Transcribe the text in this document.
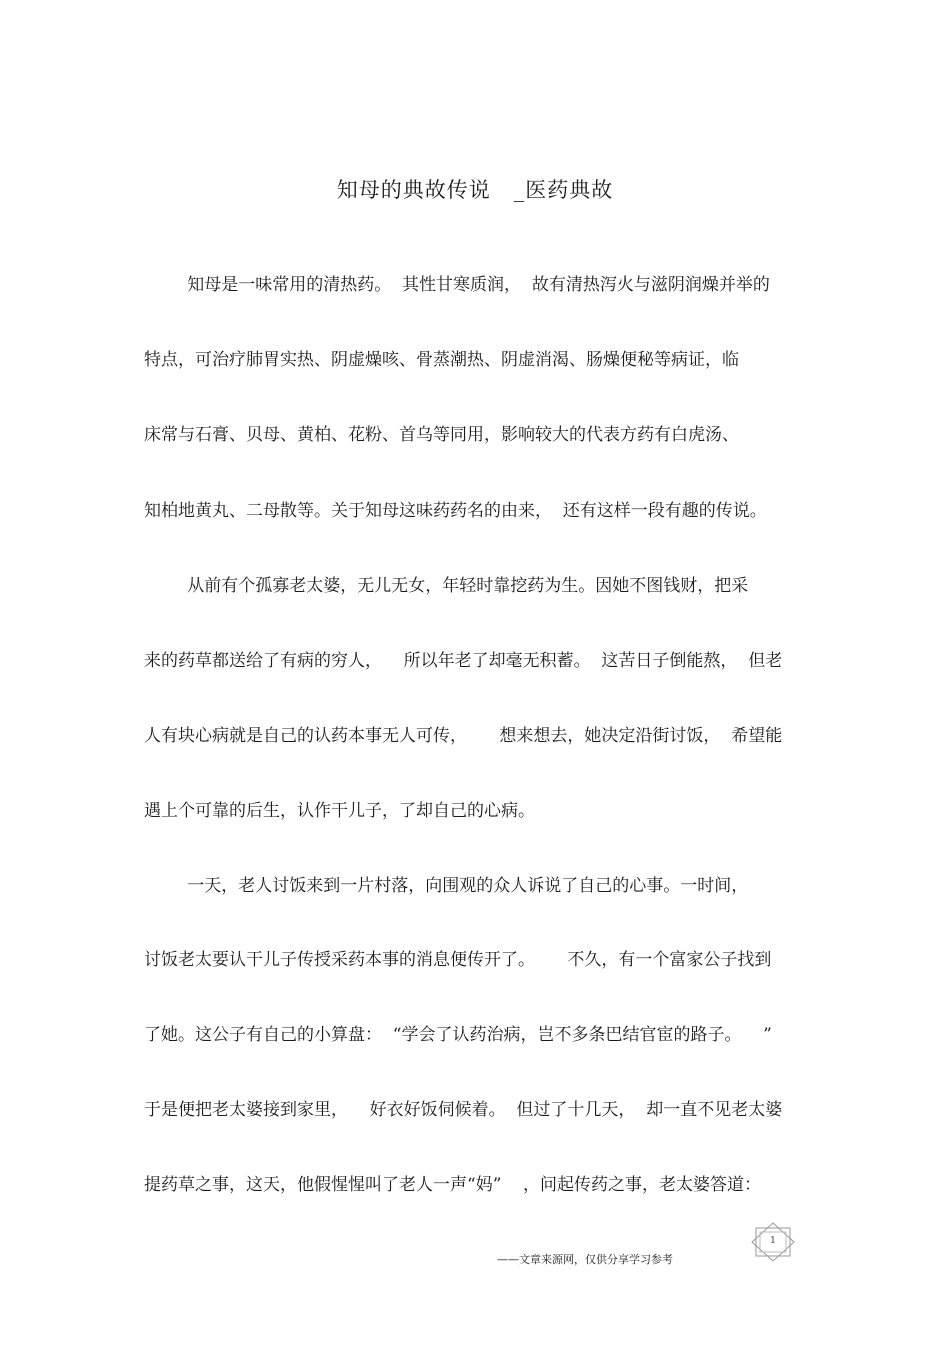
知母的典故传说   _医药典故
知母是一味常用的清热药。  其性甘寒质润，  故有清热泻火与滋阴润燥并举的
特点，可治疗肺胃实热、阴虚燥咳、骨蒸潮热、阴虚消渴、肠燥便秘等病证，临
床常与石膏、贝母、黄柏、花粉、首乌等同用，影响较大的代表方药有白虎汤、
知柏地黄丸、二母散等。关于知母这味药药名的由来，  还有这样一段有趣的传说。
从前有个孤寡老太婆，无儿无女，年轻时靠挖药为生。因她不图钱财，把采
来的药草都送给了有病的穷人，    所以年老了却毫无积蓄。  这苦日子倒能熬，  但老
人有块心病就是自己的认药本事无人可传，      想来想去，她决定沿街讨饭，  希望能
遇上个可靠的后生，认作干儿子，了却自己的心病。
一天，老人讨饭来到一片村落，向围观的众人诉说了自己的心事。一时间，
讨饭老太要认干儿子传授采药本事的消息便传开了。      不久，有一个富家公子找到
了她。这公子有自己的小算盘：  “学会了认药治病，岂不多条巴结官宦的路子。    ”
于是便把老太婆接到家里，    好衣好饭伺候着。  但过了十几天，  却一直不见老太婆
提药草之事，这天，他假惺惺叫了老人一声“妈”    ，问起传药之事，老太婆答道：
1
——文章来源网，仅供分享学习参考
